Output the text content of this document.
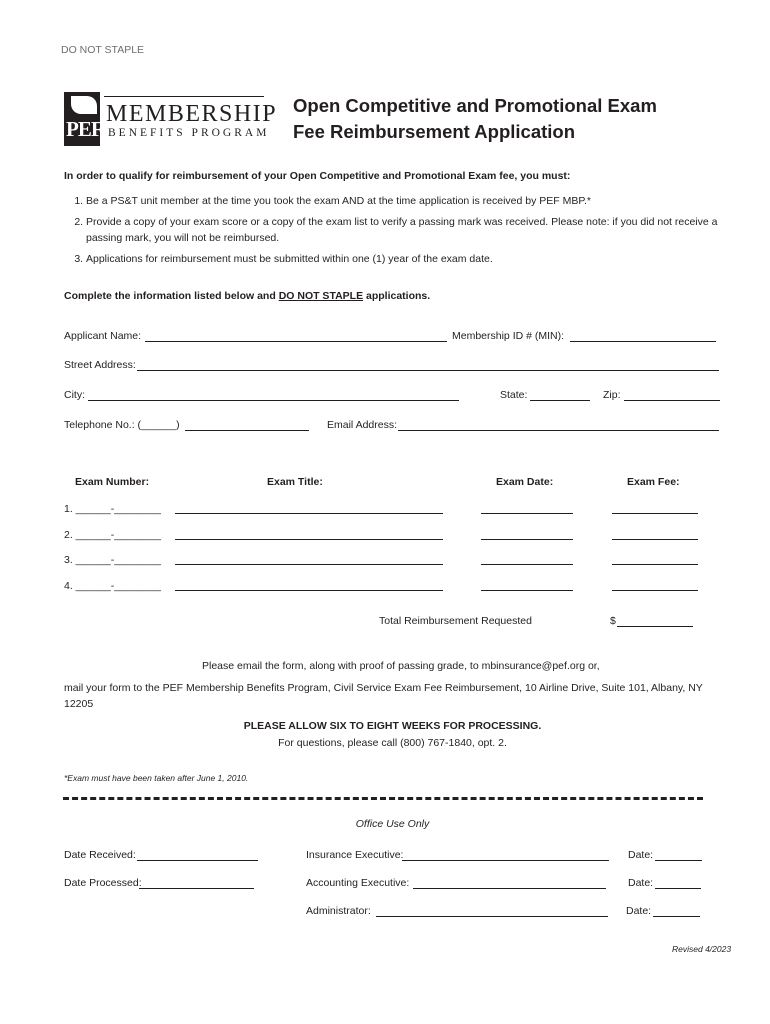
DO NOT STAPLE
PEF
MEMBERSHIP
BENEFITS PROGRAM
Open Competitive and Promotional Exam
Fee Reimbursement Application
In order to qualify for reimbursement of your Open Competitive and Promotional Exam fee, you must:
1. Be a PS&T unit member at the time you took the exam AND at the time application is received by PEF MBP.*
2. Provide a copy of your exam score or a copy of the exam list to verify a passing mark was received. Please note: if you did not receive a passing mark, you will not be reimbursed.
3. Applications for reimbursement must be submitted within one (1) year of the exam date.
Complete the information listed below and DO NOT STAPLE applications.
Applicant Name:	Membership ID # (MIN):
Street Address:
City:	State:	Zip:
Telephone No.: (______)	Email Address:
Exam Number:	Exam Title:	Exam Date:	Exam Fee:
1. ______-________
2. ______-________
3. ______-________
4. ______-________
Total Reimbursement Requested	$
Please email the form, along with proof of passing grade, to mbinsurance@pef.org or,
mail your form to the PEF Membership Benefits Program, Civil Service Exam Fee Reimbursement, 10 Airline Drive, Suite 101, Albany, NY
12205
PLEASE ALLOW SIX TO EIGHT WEEKS FOR PROCESSING.
For questions, please call (800) 767-1840, opt. 2.
*Exam must have been taken after June 1, 2010.
Office Use Only
Date Received:	Insurance Executive:	Date:
Date Processed:	Accounting Executive:	Date:
Administrator:	Date:
Revised 4/2023
